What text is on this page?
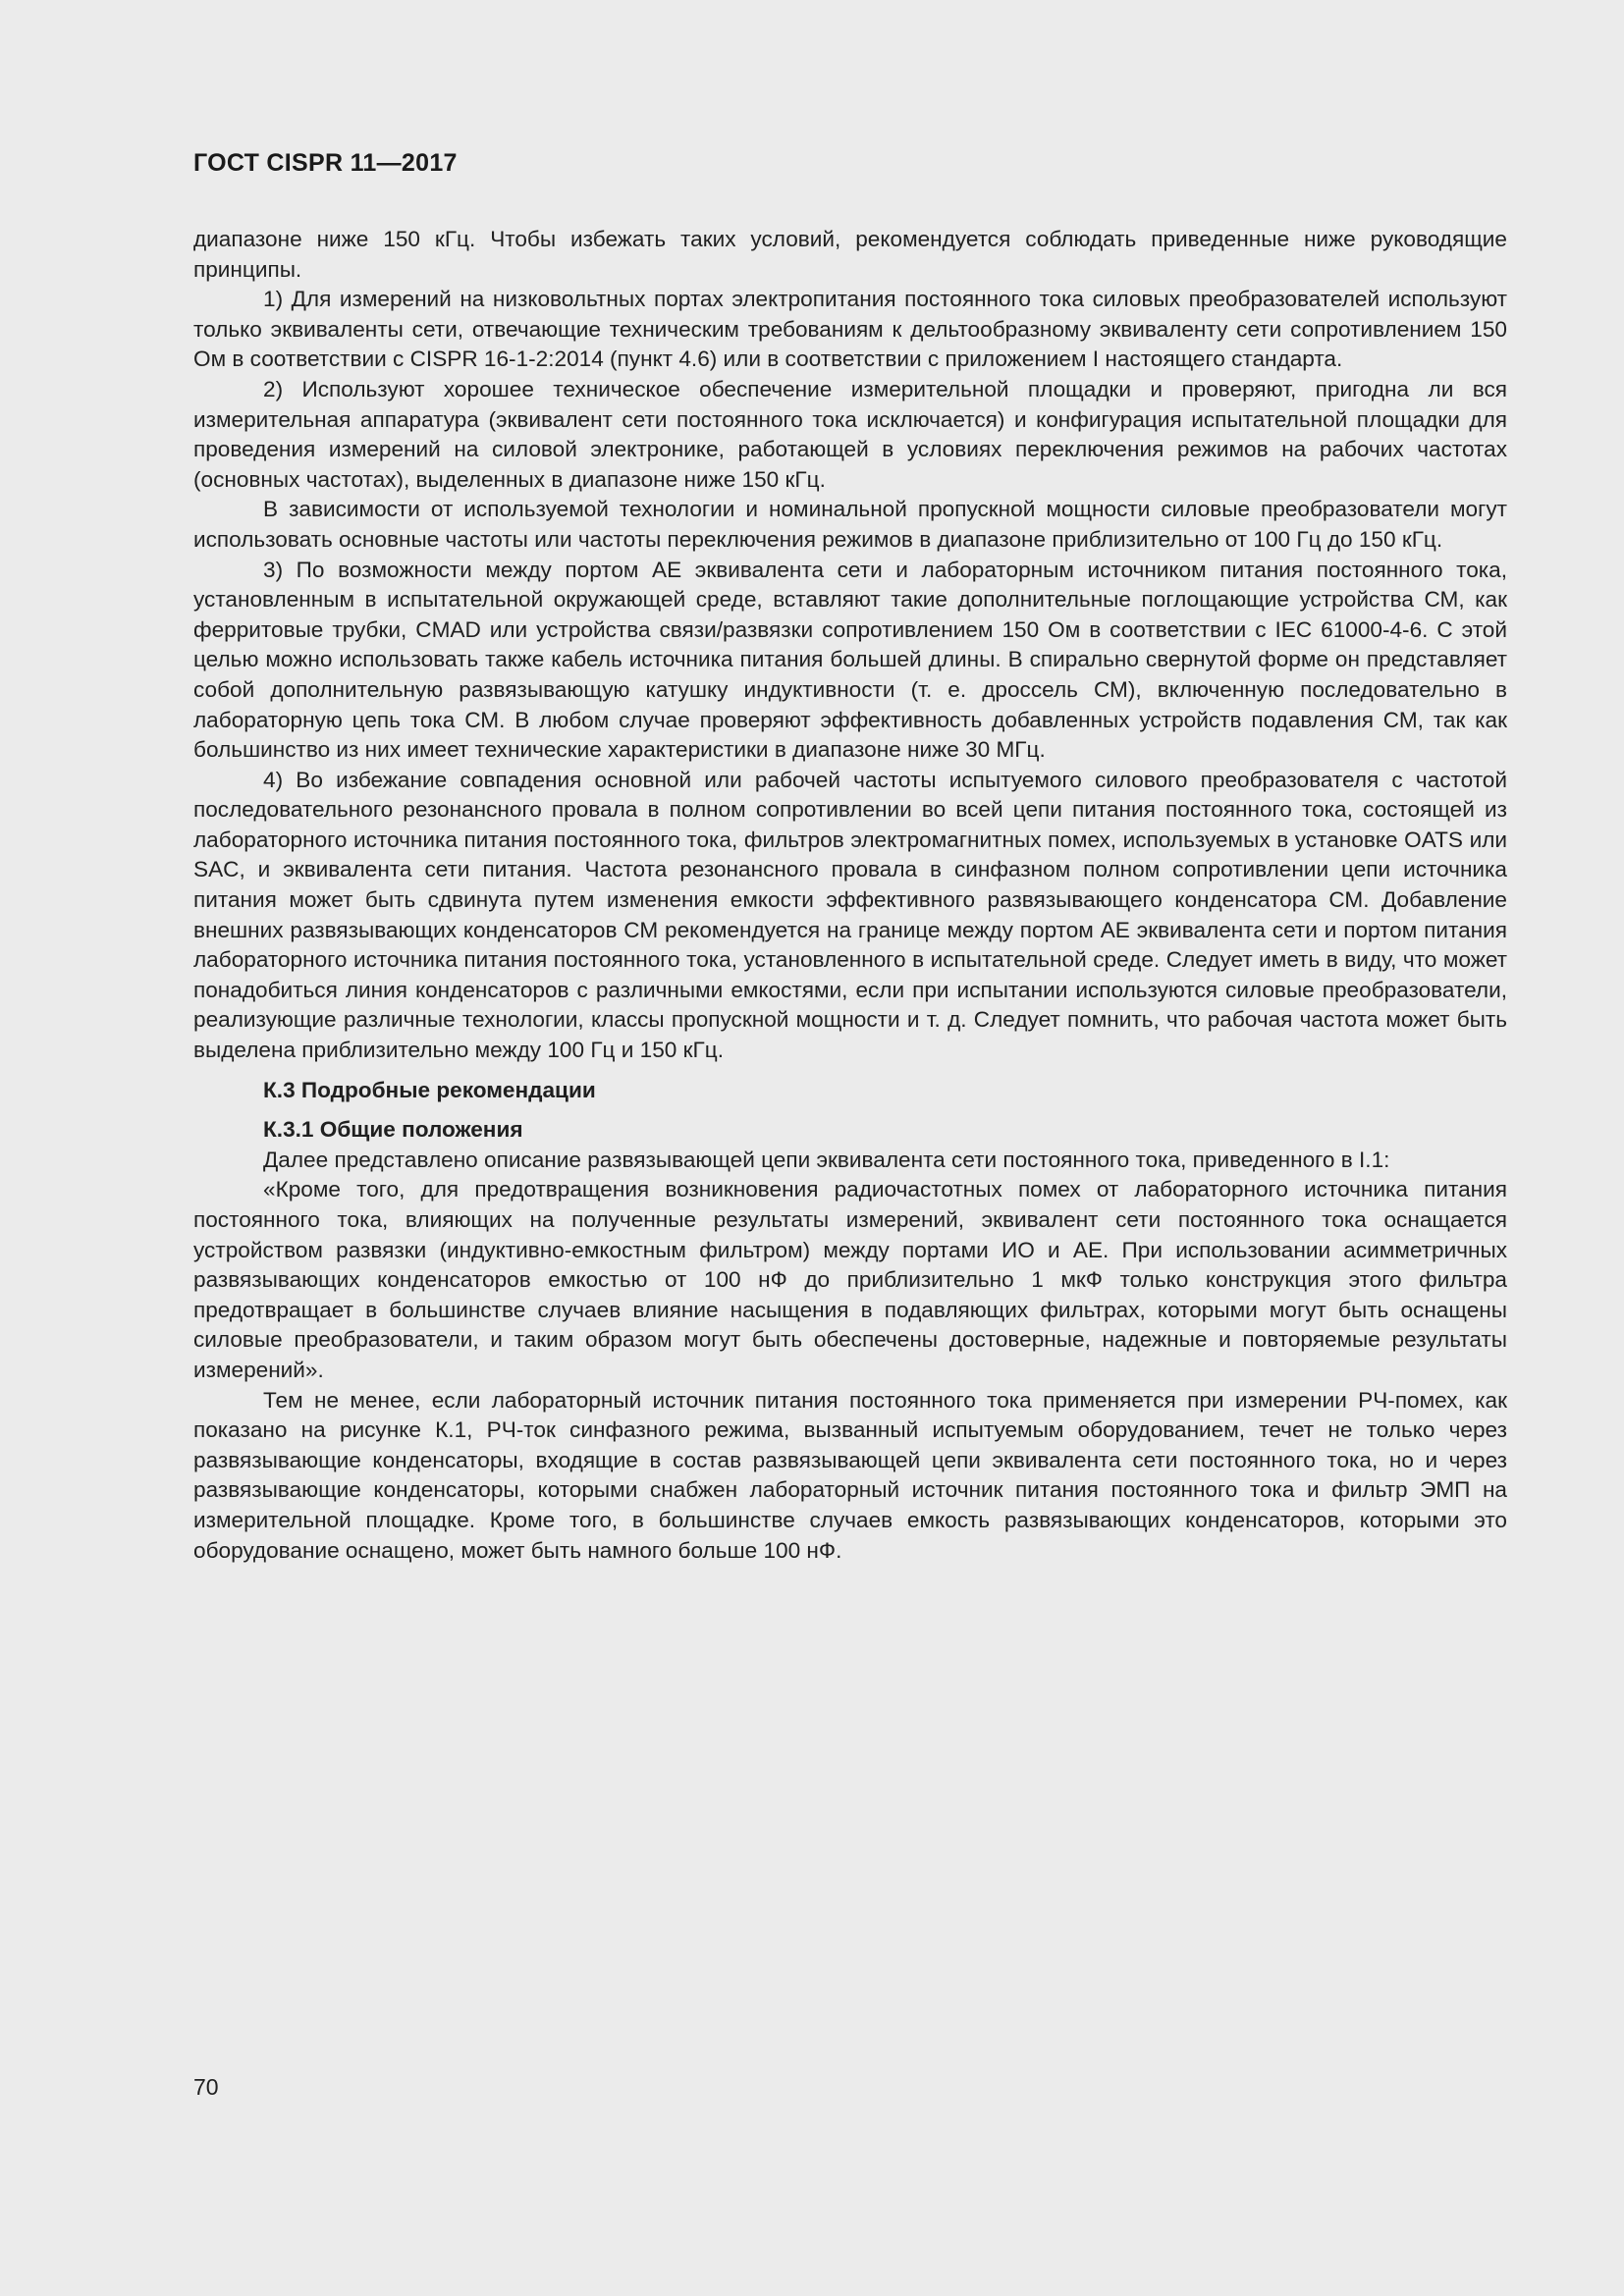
ГОСТ CISPR 11—2017

диапазоне ниже 150 кГц. Чтобы избежать таких условий, рекомендуется соблюдать приведенные ниже руководящие принципы.

1) Для измерений на низковольтных портах электропитания постоянного тока силовых преобразователей используют только эквиваленты сети, отвечающие техническим требованиям к дельтообразному эквиваленту сети сопротивлением 150 Ом в соответствии с CISPR 16-1-2:2014 (пункт 4.6) или в соответствии с приложением I настоящего стандарта.

2) Используют хорошее техническое обеспечение измерительной площадки и проверяют, пригодна ли вся измерительная аппаратура (эквивалент сети постоянного тока исключается) и конфигурация испытательной площадки для проведения измерений на силовой электронике, работающей в условиях переключения режимов на рабочих частотах (основных частотах), выделенных в диапазоне ниже 150 кГц.

В зависимости от используемой технологии и номинальной пропускной мощности силовые преобразователи могут использовать основные частоты или частоты переключения режимов в диапазоне приблизительно от 100 Гц до 150 кГц.

3) По возможности между портом АЕ эквивалента сети и лабораторным источником питания постоянного тока, установленным в испытательной окружающей среде, вставляют такие дополнительные поглощающие устройства СМ, как ферритовые трубки, CMAD или устройства связи/развязки сопротивлением 150 Ом в соответствии с IEC 61000-4-6. С этой целью можно использовать также кабель источника питания большей длины. В спирально свернутой форме он представляет собой дополнительную развязывающую катушку индуктивности (т. е. дроссель СМ), включенную последовательно в лабораторную цепь тока СМ. В любом случае проверяют эффективность добавленных устройств подавления СМ, так как большинство из них имеет технические характеристики в диапазоне ниже 30 МГц.

4) Во избежание совпадения основной или рабочей частоты испытуемого силового преобразователя с частотой последовательного резонансного провала в полном сопротивлении во всей цепи питания постоянного тока, состоящей из лабораторного источника питания постоянного тока, фильтров электромагнитных помех, используемых в установке OATS или SAC, и эквивалента сети питания. Частота резонансного провала в синфазном полном сопротивлении цепи источника питания может быть сдвинута путем изменения емкости эффективного развязывающего конденсатора СМ. Добавление внешних развязывающих конденсаторов СМ рекомендуется на границе между портом АЕ эквивалента сети и портом питания лабораторного источника питания постоянного тока, установленного в испытательной среде. Следует иметь в виду, что может понадобиться линия конденсаторов с различными емкостями, если при испытании используются силовые преобразователи, реализующие различные технологии, классы пропускной мощности и т. д. Следует помнить, что рабочая частота может быть выделена приблизительно между 100 Гц и 150 кГц.

К.3 Подробные рекомендации
К.3.1 Общие положения

Далее представлено описание развязывающей цепи эквивалента сети постоянного тока, приведенного в I.1:

«Кроме того, для предотвращения возникновения радиочастотных помех от лабораторного источника питания постоянного тока, влияющих на полученные результаты измерений, эквивалент сети постоянного тока оснащается устройством развязки (индуктивно-емкостным фильтром) между портами ИО и АЕ. При использовании асимметричных развязывающих конденсаторов емкостью от 100 нФ до приблизительно 1 мкФ только конструкция этого фильтра предотвращает в большинстве случаев влияние насыщения в подавляющих фильтрах, которыми могут быть оснащены силовые преобразователи, и таким образом могут быть обеспечены достоверные, надежные и повторяемые результаты измерений».

Тем не менее, если лабораторный источник питания постоянного тока применяется при измерении РЧ-помех, как показано на рисунке К.1, РЧ-ток синфазного режима, вызванный испытуемым оборудованием, течет не только через развязывающие конденсаторы, входящие в состав развязывающей цепи эквивалента сети постоянного тока, но и через развязывающие конденсаторы, которыми снабжен лабораторный источник питания постоянного тока и фильтр ЭМП на измерительной площадке. Кроме того, в большинстве случаев емкость развязывающих конденсаторов, которыми это оборудование оснащено, может быть намного больше 100 нФ.

70
